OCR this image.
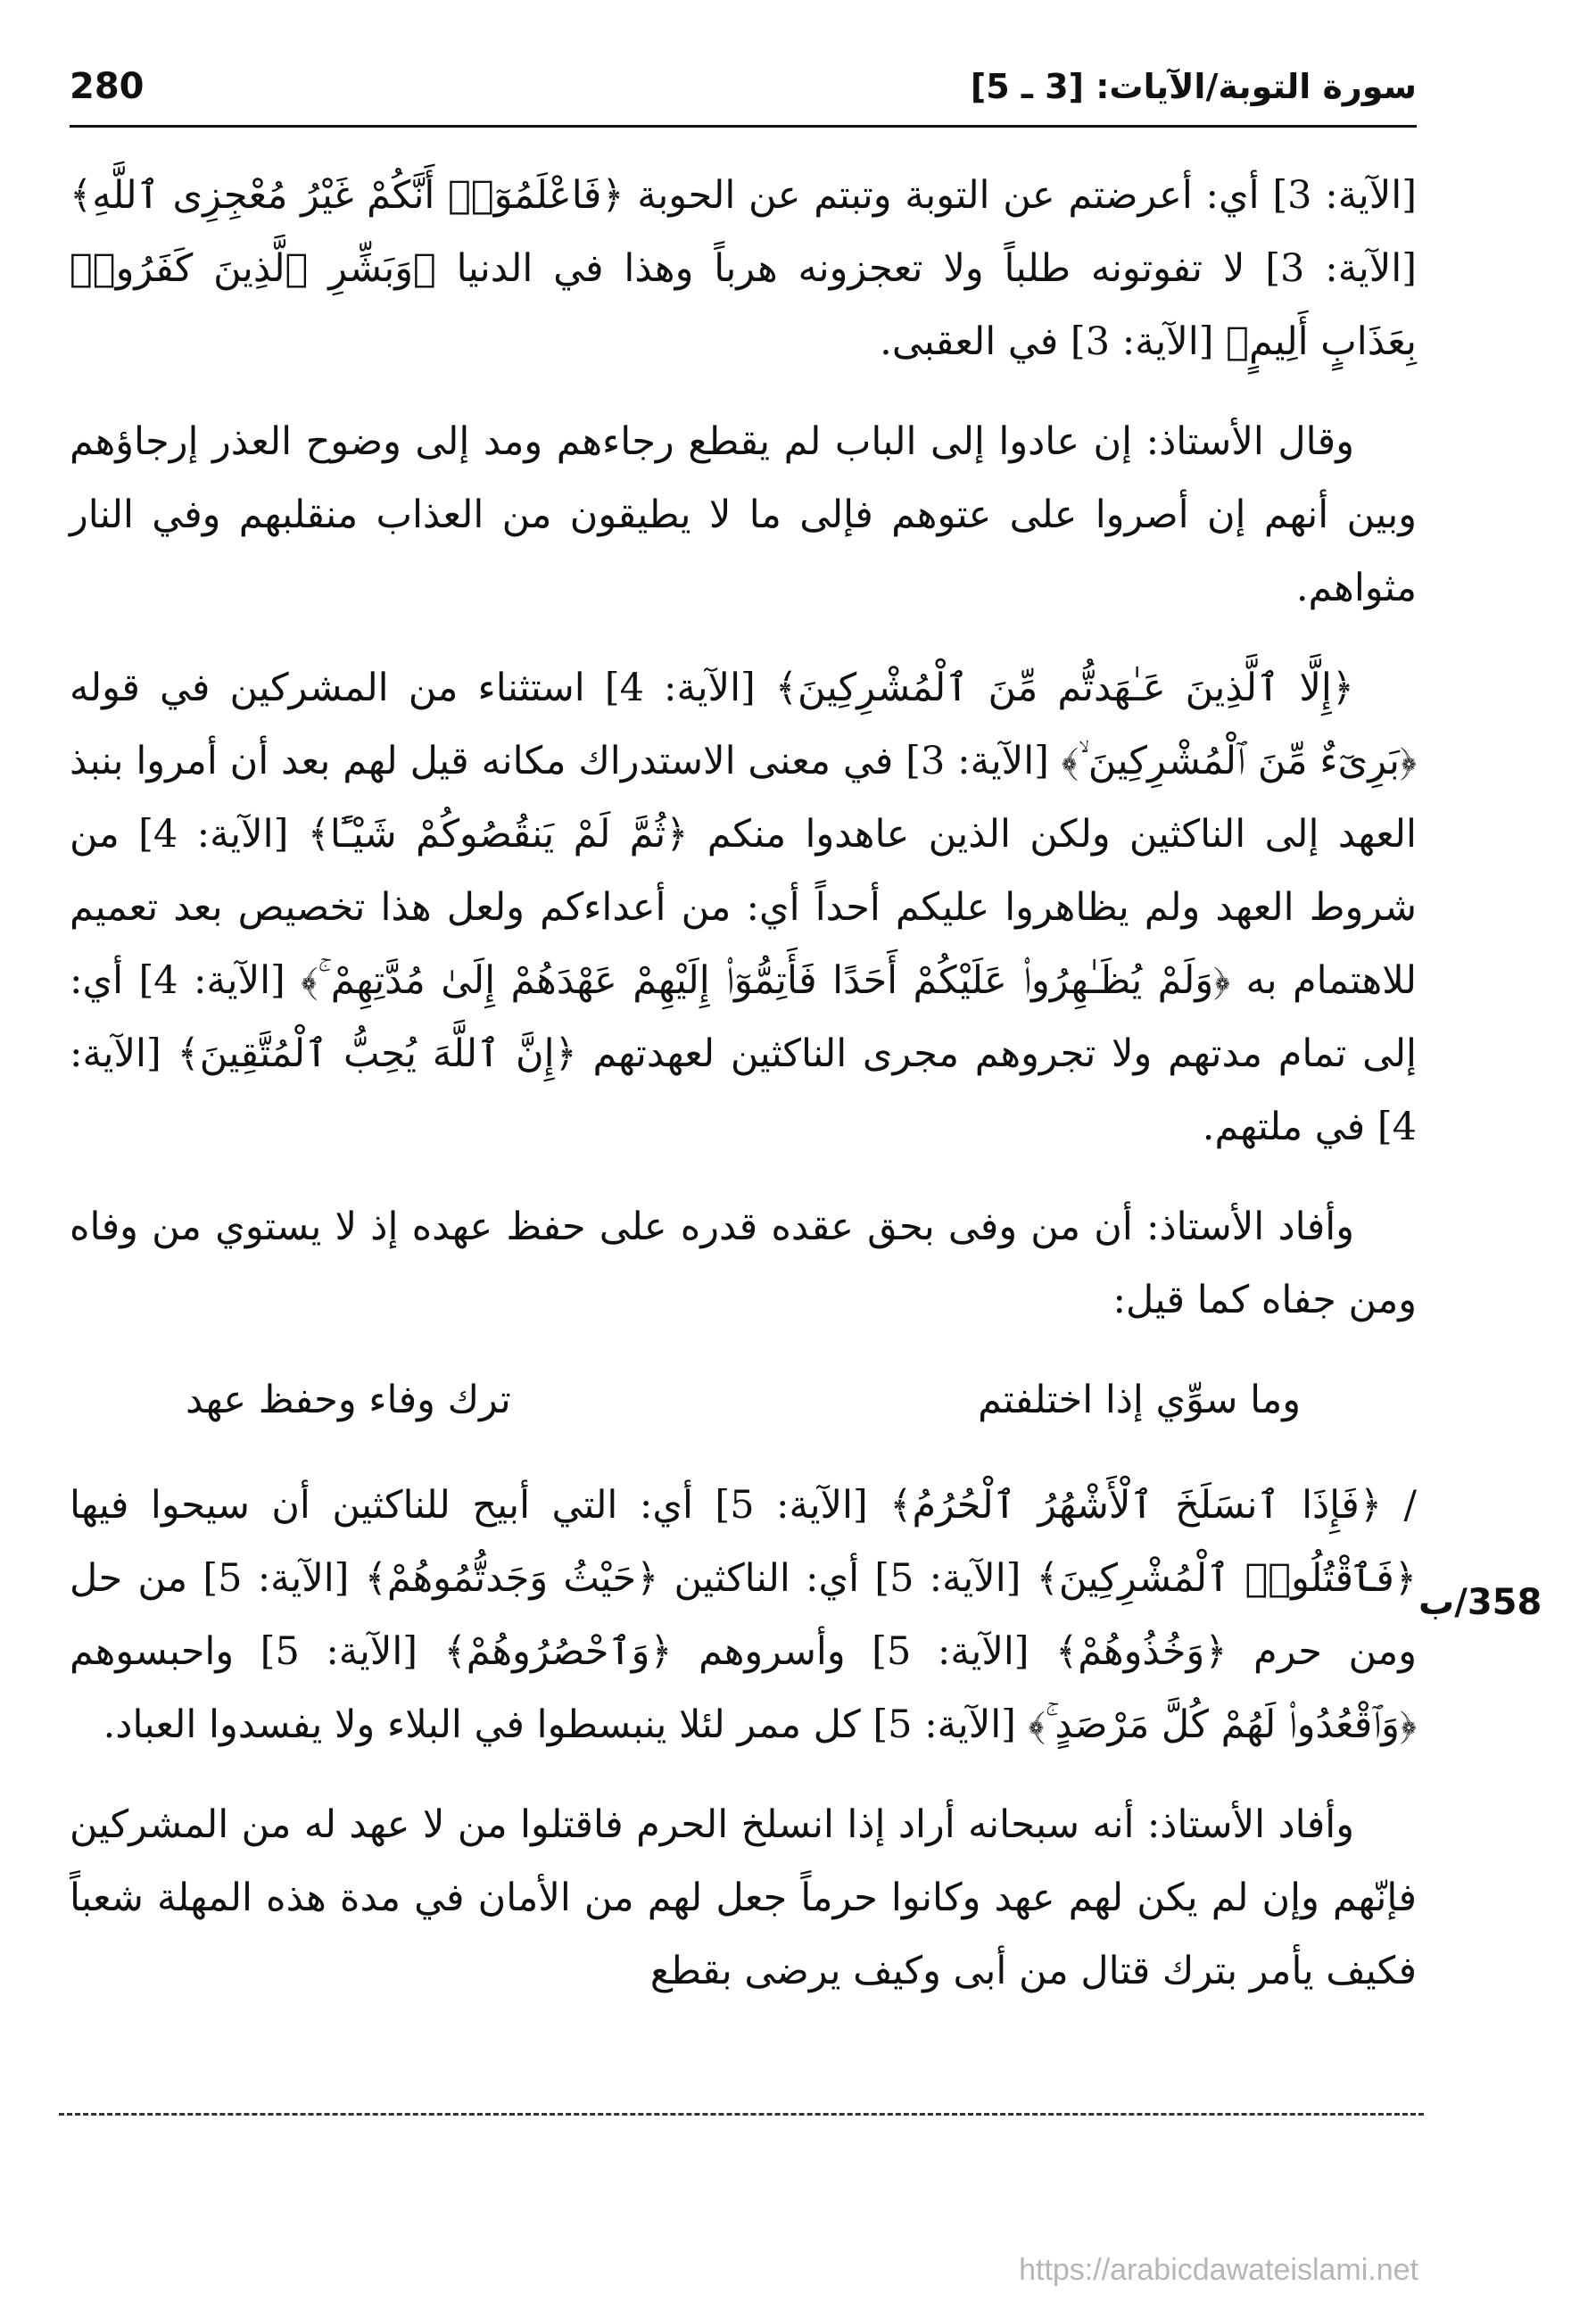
280	سورة التوبة/الآيات: [3 ـ 5]

[الآية: 3] أي: أعرضتم عن التوبة وتبتم عن الحوبة ﴿فَاعْلَمُوٓا۟ أَنَّكُمْ غَيْرُ مُعْجِزِى ٱللَّهِ﴾ [الآية: 3] لا تفوتونه طلباً ولا تعجزونه هرباً وهذا في الدنيا ﴿وَبَشِّرِ ٱلَّذِينَ كَفَرُوا۟ بِعَذَابٍ أَلِيمٍ﴾ [الآية: 3] في العقبى.

وقال الأستاذ: إن عادوا إلى الباب لم يقطع رجاءهم ومد إلى وضوح العذر إرجاؤهم وبين أنهم إن أصروا على عتوهم فإلى ما لا يطيقون من العذاب منقلبهم وفي النار مثواهم.

﴿إِلَّا ٱلَّذِينَ عَـٰهَدتُّم مِّنَ ٱلْمُشْرِكِينَ﴾ [الآية: 4] استثناء من المشركين في قوله ﴿بَرِىٓءٌ مِّنَ ٱلْمُشْرِكِينَ ۙ﴾ [الآية: 3] في معنى الاستدراك مكانه قيل لهم بعد أن أمروا بنبذ العهد إلى الناكثين ولكن الذين عاهدوا منكم ﴿ثُمَّ لَمْ يَنقُصُوكُمْ شَيْـًٔا﴾ [الآية: 4] من شروط العهد ولم يظاهروا عليكم أحداً أي: من أعداءكم ولعل هذا تخصيص بعد تعميم للاهتمام به ﴿وَلَمْ يُظَـٰهِرُوا۟ عَلَيْكُمْ أَحَدًا فَأَتِمُّوٓا۟ إِلَيْهِمْ عَهْدَهُمْ إِلَىٰ مُدَّتِهِمْ ۚ﴾ [الآية: 4] أي: إلى تمام مدتهم ولا تجروهم مجرى الناكثين لعهدتهم ﴿إِنَّ ٱللَّهَ يُحِبُّ ٱلْمُتَّقِينَ﴾ [الآية: 4] في ملتهم.

وأفاد الأستاذ: أن من وفى بحق عقده قدره على حفظ عهده إذ لا يستوي من وفاه ومن جفاه كما قيل:

وما سوِّي إذا اختلفتم
ترك وفاء وحفظ عهد

/ ﴿فَإِذَا ٱنسَلَخَ ٱلْأَشْهُرُ ٱلْحُرُمُ﴾ [الآية: 5] أي: التي أبيح للناكثين أن سيحوا فيها ﴿فَٱقْتُلُوا۟ ٱلْمُشْرِكِينَ﴾ [الآية: 5] أي: الناكثين ﴿حَيْثُ وَجَدتُّمُوهُمْ﴾ [الآية: 5] من حل ومن حرم ﴿وَخُذُوهُمْ﴾ [الآية: 5] وأسروهم ﴿وَٱحْصُرُوهُمْ﴾ [الآية: 5] واحبسوهم ﴿وَٱقْعُدُوا۟ لَهُمْ كُلَّ مَرْصَدٍ ۚ﴾ [الآية: 5] كل ممر لئلا ينبسطوا في البلاء ولا يفسدوا العباد.

وأفاد الأستاذ: أنه سبحانه أراد إذا انسلخ الحرم فاقتلوا من لا عهد له من المشركين فإنّهم وإن لم يكن لهم عهد وكانوا حرماً جعل لهم من الأمان في مدة هذه المهلة شعباً فكيف يأمر بترك قتال من أبى وكيف يرضى بقطع

358/ب
https://arabicdawateislami.net
